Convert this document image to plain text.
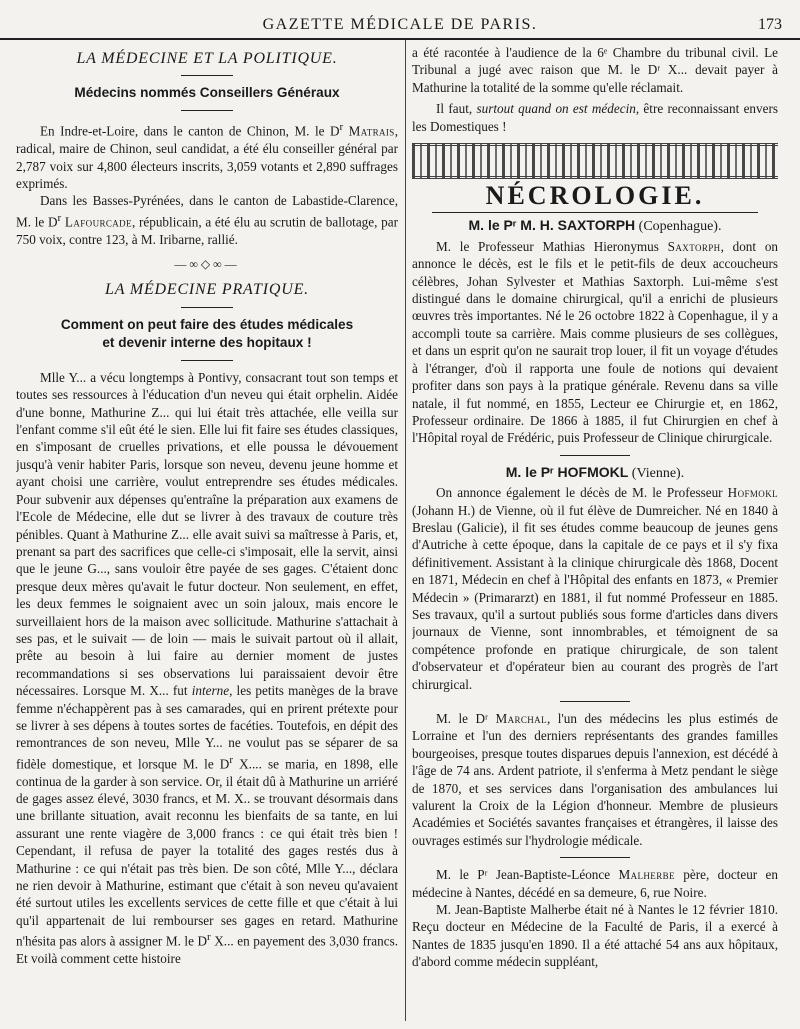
GAZETTE MÉDICALE DE PARIS.	173

LA MÉDECINE ET LA POLITIQUE.

Médecins nommés Conseillers Généraux

En Indre-et-Loire, dans le canton de Chinon, M. le $D^r$ Matrais, radical, maire de Chinon, seul candidat, a été élu conseiller général par 2,787 voix sur 4,800 électeurs inscrits, 3,059 votants et 2,890 suffrages exprimés.

Dans les Basses-Pyrénées, dans le canton de Labastide-Clarence, M. le $D^r$ Lafourcade, républicain, a été élu au scrutin de ballotage, par 750 voix, contre 123, à M. Iribarne, rallié.

—∞◇∞—

LA MÉDECINE PRATIQUE.

Comment on peut faire des études médicales

et devenir interne des hopitaux !

Mlle Y... a vécu longtemps à Pontivy, consacrant tout son temps et toutes ses ressources à l'éducation d'un neveu qui était orphelin. Aidée d'une bonne, Mathurine Z... qui lui était très attachée, elle veilla sur l'enfant comme s'il eût été le sien. Elle lui fit faire ses études classiques, en s'imposant de cruelles privations, et elle poussa le dévouement jusqu'à venir habiter Paris, lorsque son neveu, devenu jeune homme et ayant choisi une carrière, voulut entreprendre ses études médicales. Pour subvenir aux dépenses qu'entraîne la préparation aux examens de l'Ecole de Médecine, elle dut se livrer à des travaux de couture très pénibles. Quant à Mathurine Z... elle avait suivi sa maîtresse à Paris, et, prenant sa part des sacrifices que celle-ci s'imposait, elle la servit, ainsi que le jeune G..., sans vouloir être payée de ses gages. C'étaient donc presque deux mères qu'avait le futur docteur. Non seulement, en effet, les deux femmes le soignaient avec un soin jaloux, mais encore le surveillaient hors de la maison avec sollicitude. Mathurine s'attachait à ses pas, et le suivait — de loin — mais le suivait partout où il allait, prête au besoin à lui faire au dernier moment de justes recommandations si ses observations lui paraissaient devoir être nécessaires. Lorsque M. X... fut interne, les petits manèges de la brave femme n'échappèrent pas à ses camarades, qui en prirent prétexte pour se livrer à ses dépens à toutes sortes de facéties. Toutefois, en dépit des remontrances de son neveu, Mlle Y... ne voulut pas se séparer de sa fidèle domestique, et lorsque M. le $D^r$ X.... se maria, en 1898, elle continua de la garder à son service. Or, il était dû à Mathurine un arriéré de gages assez élevé, 3030 francs, et M. X.. se trouvant désormais dans une brillante situation, avait reconnu les bienfaits de sa tante, en lui assurant une rente viagère de 3,000 francs : ce qui était très bien ! Cependant, il refusa de payer la totalité des gages restés dus à Mathurine : ce qui n'était pas très bien. De son côté, Mlle Y..., déclara ne rien devoir à Mathurine, estimant que c'était à son neveu qu'avaient été surtout utiles les excellents services de cette fille et que c'était à lui qu'il appartenait de lui rembourser ses gages en retard. Mathurine n'hésita pas alors à assigner M. le $D^r$ X... en payement des 3,030 francs. Et voilà comment cette histoire

a été racontée à l'audience de la 6ᵉ Chambre du tribunal civil. Le Tribunal a jugé avec raison que M. le Dʳ X... devait payer à Mathurine la totalité de la somme qu'elle réclamait.

Il faut, surtout quand on est médecin, être reconnaissant envers les Domestiques !

NÉCROLOGIE.

M. le Pʳ M. H. SAXTORPH (Copenhague).

M. le Professeur Mathias Hieronymus Saxtorph, dont on annonce le décès, est le fils et le petit-fils de deux accoucheurs célèbres, Johan Sylvester et Mathias Saxtorph. Lui-même s'est distingué dans le domaine chirurgical, qu'il a enrichi de plusieurs œuvres très importantes. Né le 26 octobre 1822 à Copenhague, il y a accompli toute sa carrière. Mais comme plusieurs de ses collègues, et dans un esprit qu'on ne saurait trop louer, il fit un voyage d'études à l'étranger, d'où il rapporta une foule de notions qui devaient profiter dans son pays à la pratique générale. Revenu dans sa ville natale, il fut nommé, en 1855, Lecteur ee Chirurgie et, en 1862, Professeur ordinaire. De 1866 à 1885, il fut Chirurgien en chef à l'Hôpital royal de Frédéric, puis Professeur de Clinique chirurgicale.

M. le Pʳ HOFMOKL (Vienne).

On annonce également le décès de M. le Professeur Hofmokl (Johann H.) de Vienne, où il fut élève de Dumreicher. Né en 1840 à Breslau (Galicie), il fit ses études comme beaucoup de jeunes gens d'Autriche à cette époque, dans la capitale de ce pays et il s'y fixa définitivement. Assistant à la clinique chirurgicale dès 1868, Docent en 1871, Médecin en chef à l'Hôpital des enfants en 1873, « Premier Médecin » (Primararzt) en 1881, il fut nommé Professeur en 1885. Ses travaux, qu'il a surtout publiés sous forme d'articles dans divers journaux de Vienne, sont innombrables, et témoignent de sa compétence profonde en pratique chirurgicale, de son talent d'observateur et d'opérateur bien au courant des progrès de l'art chirurgical.

M. le Dʳ Marchal, l'un des médecins les plus estimés de Lorraine et l'un des derniers représentants des grandes familles bourgeoises, presque toutes disparues depuis l'annexion, est décédé à l'âge de 74 ans. Ardent patriote, il s'enferma à Metz pendant le siège de 1870, et ses services dans l'organisation des ambulances lui valurent la Croix de la Légion d'honneur. Membre de plusieurs Académies et Sociétés savantes françaises et étrangères, il laisse des ouvrages estimés sur l'hydrologie médicale.

M. le Pʳ Jean-Baptiste-Léonce Malherbe père, docteur en médecine à Nantes, décédé en sa demeure, 6, rue Noire.

M. Jean-Baptiste Malherbe était né à Nantes le 12 février 1810. Reçu docteur en Médecine de la Faculté de Paris, il a exercé à Nantes de 1835 jusqu'en 1890. Il a été attaché 54 ans aux hôpitaux, d'abord comme médecin suppléant,
